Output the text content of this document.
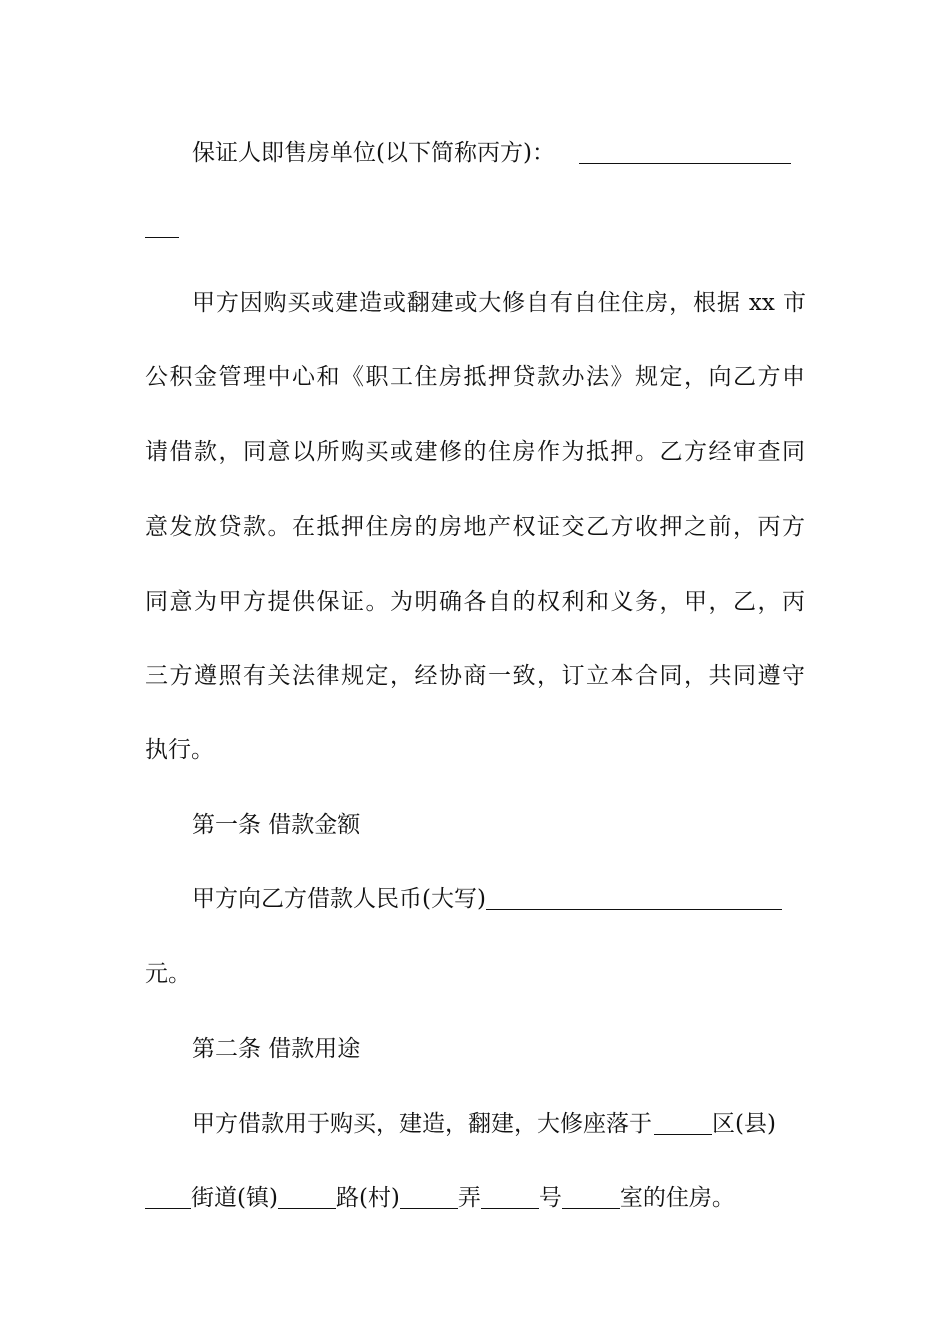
保证人即售房单位(以下简称丙方)：
甲方因购买或建造或翻建或大修自有自住住房，根据 xx 市
公积金管理中心和《职工住房抵押贷款办法》规定，向乙方申
请借款，同意以所购买或建修的住房作为抵押。乙方经审查同
意发放贷款。在抵押住房的房地产权证交乙方收押之前，丙方
同意为甲方提供保证。为明确各自的权利和义务，甲，乙，丙
三方遵照有关法律规定，经协商一致，订立本合同，共同遵守
执行。
第一条 借款金额
甲方向乙方借款人民币(大写)
元。
第二条 借款用途
甲方借款用于购买，建造，翻建，大修座落于	区(县)
街道(镇)	路(村)	弄	号	室的住房。
